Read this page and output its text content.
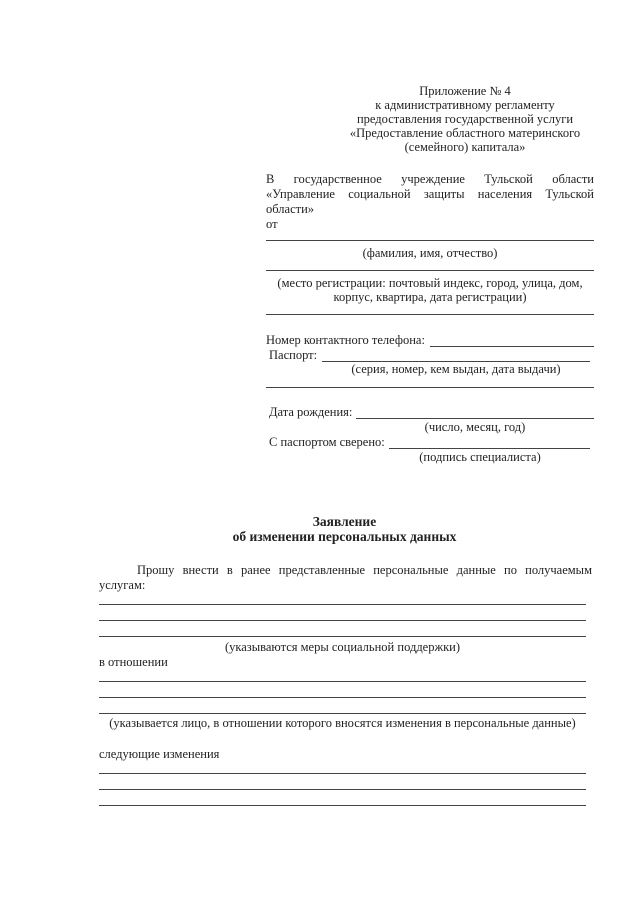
Приложение № 4
к административному регламенту
предоставления государственной услуги
«Предоставление областного материнского
(семейного) капитала»
В государственное учреждение Тульской области
«Управление социальной защиты населения Тульской
области»
от
(фамилия, имя, отчество)
(место регистрации: почтовый индекс, город, улица, дом,
корпус, квартира, дата регистрации)
Номер контактного телефона:
Паспорт:
(серия, номер, кем выдан, дата выдачи)
Дата рождения:
(число, месяц, год)
С паспортом сверено:
(подпись специалиста)
Заявление
об изменении персональных данных
Прошу внести в ранее представленные персональные данные по получаемым
услугам:
(указываются меры социальной поддержки)
в отношении
(указывается лицо, в отношении которого вносятся изменения в персональные данные)
следующие изменения
